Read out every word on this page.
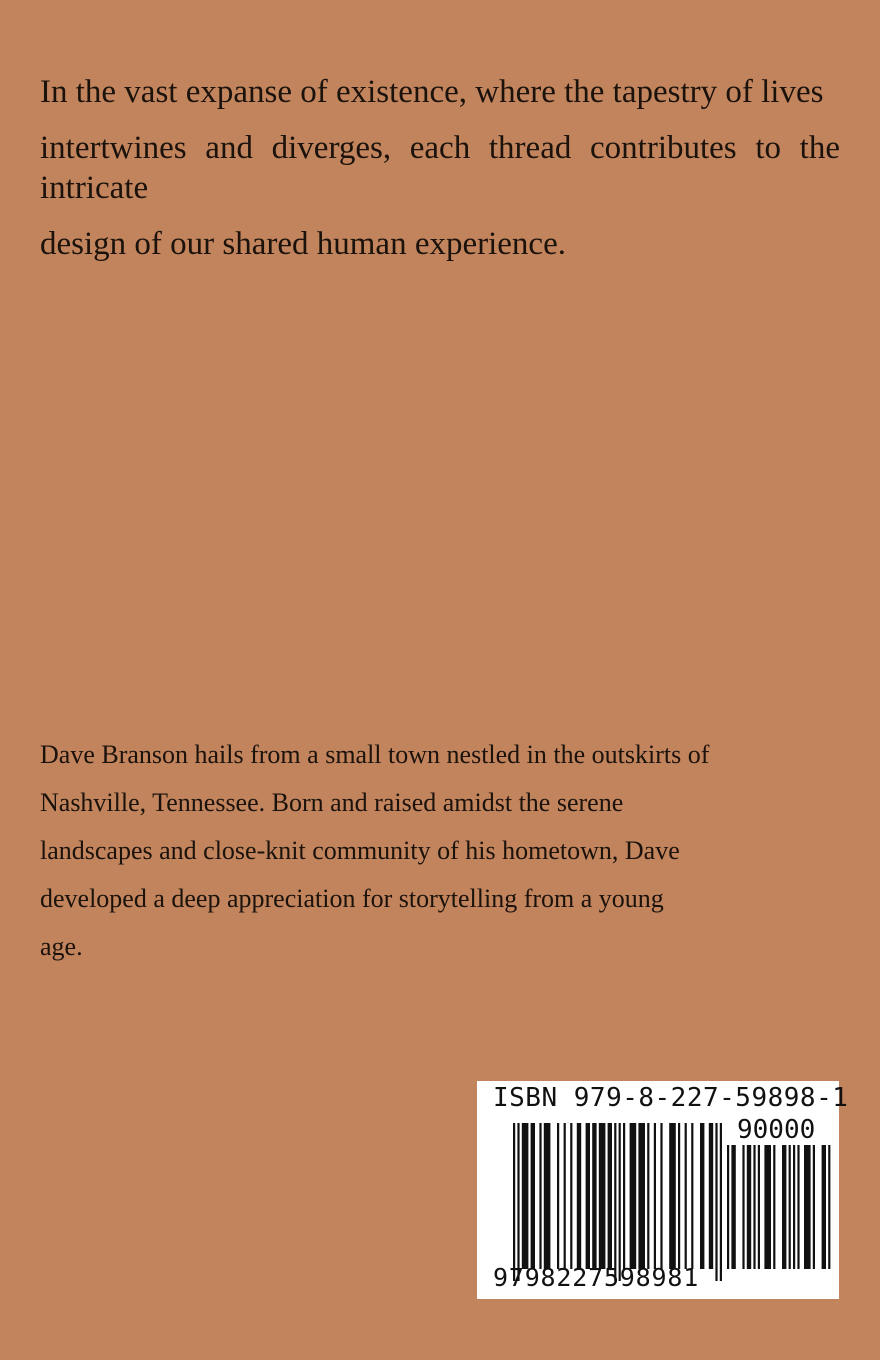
In the vast expanse of existence, where the tapestry of lives
intertwines and diverges, each thread contributes to the intricate
design of our shared human experience.
Dave Branson hails from a small town nestled in the outskirts of
Nashville, Tennessee. Born and raised amidst the serene
landscapes and close-knit community of his hometown, Dave
developed a deep appreciation for storytelling from a young
age.
ISBN 979-8-227-59898-1
90000
9798227598981
